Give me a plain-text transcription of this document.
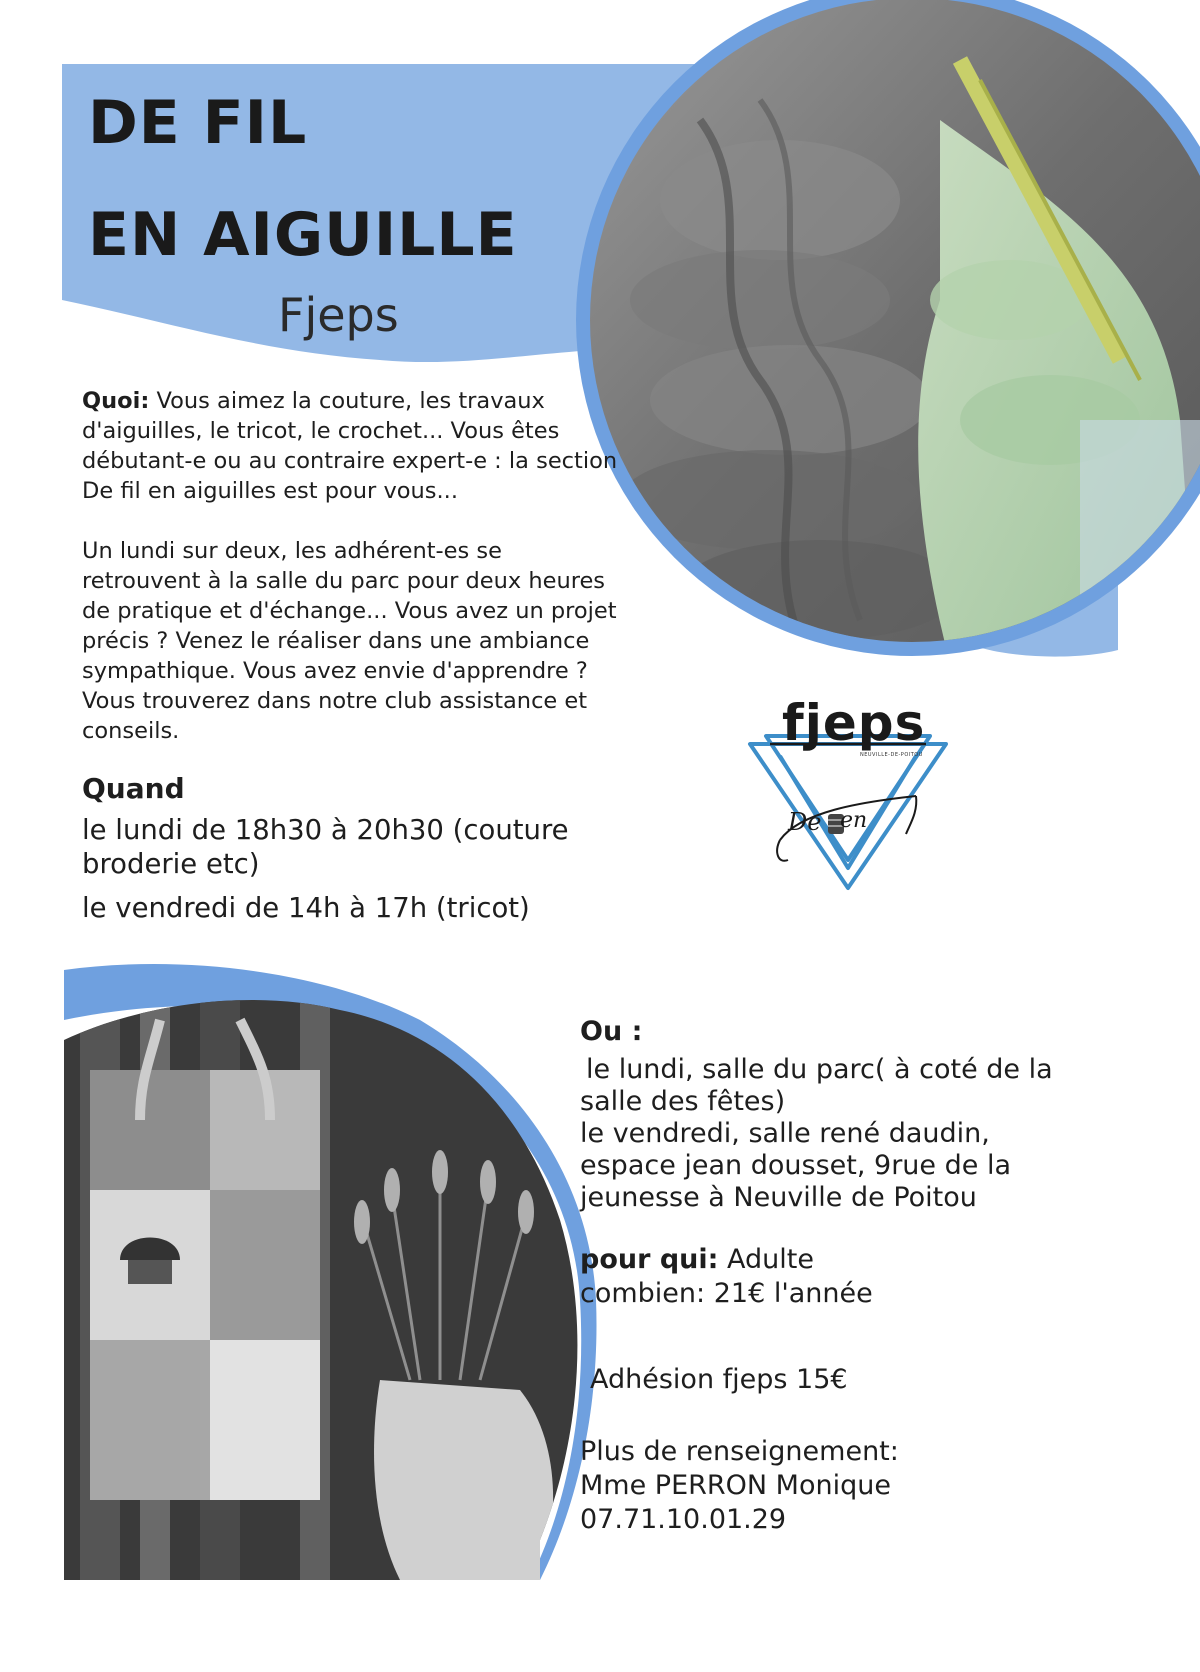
DE FIL
EN AIGUILLE

Fjeps

Quoi: Vous aimez la couture, les travaux
d'aiguilles, le tricot, le crochet... Vous êtes
débutant-e ou au contraire expert-e : la section
De fil en aiguilles est pour vous...
Un lundi sur deux, les adhérent-es se
retrouvent à la salle du parc pour deux heures
de pratique et d'échange... Vous avez un projet
précis ? Venez le réaliser dans une ambiance
sympathique. Vous avez envie d'apprendre ?
Vous trouverez dans notre club assistance et
conseils.
Quand

le lundi de 18h30 à 20h30 (couture

broderie etc)

le vendredi de 14h à 17h (tricot)

fjeps

NEUVILLE-DE-POITOU

De en

Ou :

le lundi, salle du parc( à coté de la

salle des fêtes)

le vendredi, salle rené daudin,

espace jean dousset, 9rue de la

jeunesse à Neuville de Poitou

pour qui: Adulte

combien: 21€ l'année

Adhésion fjeps 15€

Plus de renseignement:

Mme PERRON Monique

07.71.10.01.29
